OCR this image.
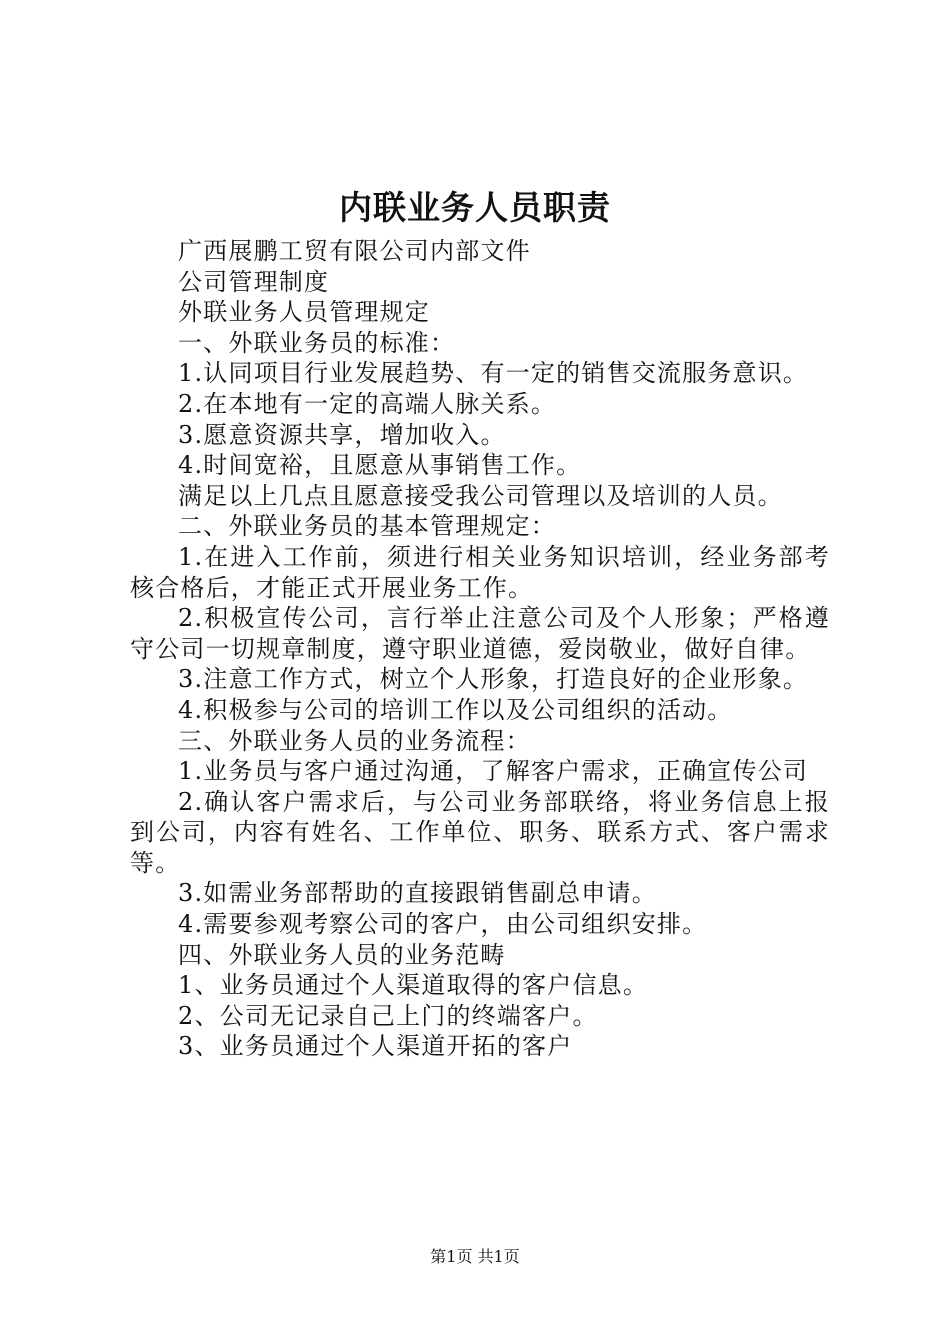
内联业务人员职责

广西展鹏工贸有限公司内部文件

公司管理制度

外联业务人员管理规定

一、外联业务员的标准：

1.认同项目行业发展趋势、有一定的销售交流服务意识。

2.在本地有一定的高端人脉关系。

3.愿意资源共享，增加收入。

4.时间宽裕，且愿意从事销售工作。

满足以上几点且愿意接受我公司管理以及培训的人员。

二、外联业务员的基本管理规定：

1.在进入工作前，须进行相关业务知识培训，经业务部考核合格后，才能正式开展业务工作。

2.积极宣传公司，言行举止注意公司及个人形象；严格遵守公司一切规章制度，遵守职业道德，爱岗敬业，做好自律。

3.注意工作方式，树立个人形象，打造良好的企业形象。

4.积极参与公司的培训工作以及公司组织的活动。

三、外联业务人员的业务流程：

1.业务员与客户通过沟通，了解客户需求，正确宣传公司

2.确认客户需求后，与公司业务部联络，将业务信息上报到公司，内容有姓名、工作单位、职务、联系方式、客户需求等。

3.如需业务部帮助的直接跟销售副总申请。

4.需要参观考察公司的客户，由公司组织安排。

四、外联业务人员的业务范畴

1、业务员通过个人渠道取得的客户信息。

2、公司无记录自己上门的终端客户。

3、业务员通过个人渠道开拓的客户

第1页 共1页
